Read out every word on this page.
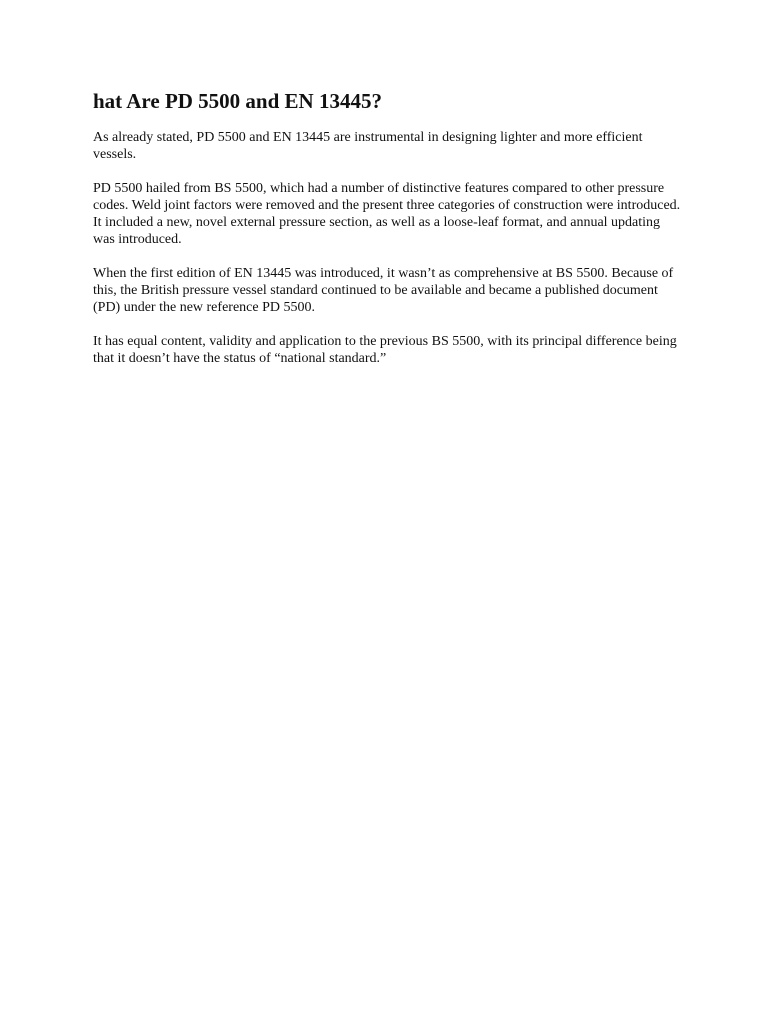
hat Are PD 5500 and EN 13445?

As already stated, PD 5500 and EN 13445 are instrumental in designing lighter and more efficient vessels.

PD 5500 hailed from BS 5500, which had a number of distinctive features compared to other pressure codes. Weld joint factors were removed and the present three categories of construction were introduced. It included a new, novel external pressure section, as well as a loose-leaf format, and annual updating was introduced.

When the first edition of EN 13445 was introduced, it wasn’t as comprehensive at BS 5500. Because of this, the British pressure vessel standard continued to be available and became a published document (PD) under the new reference PD 5500.

It has equal content, validity and application to the previous BS 5500, with its principal difference being that it doesn’t have the status of “national standard.”
